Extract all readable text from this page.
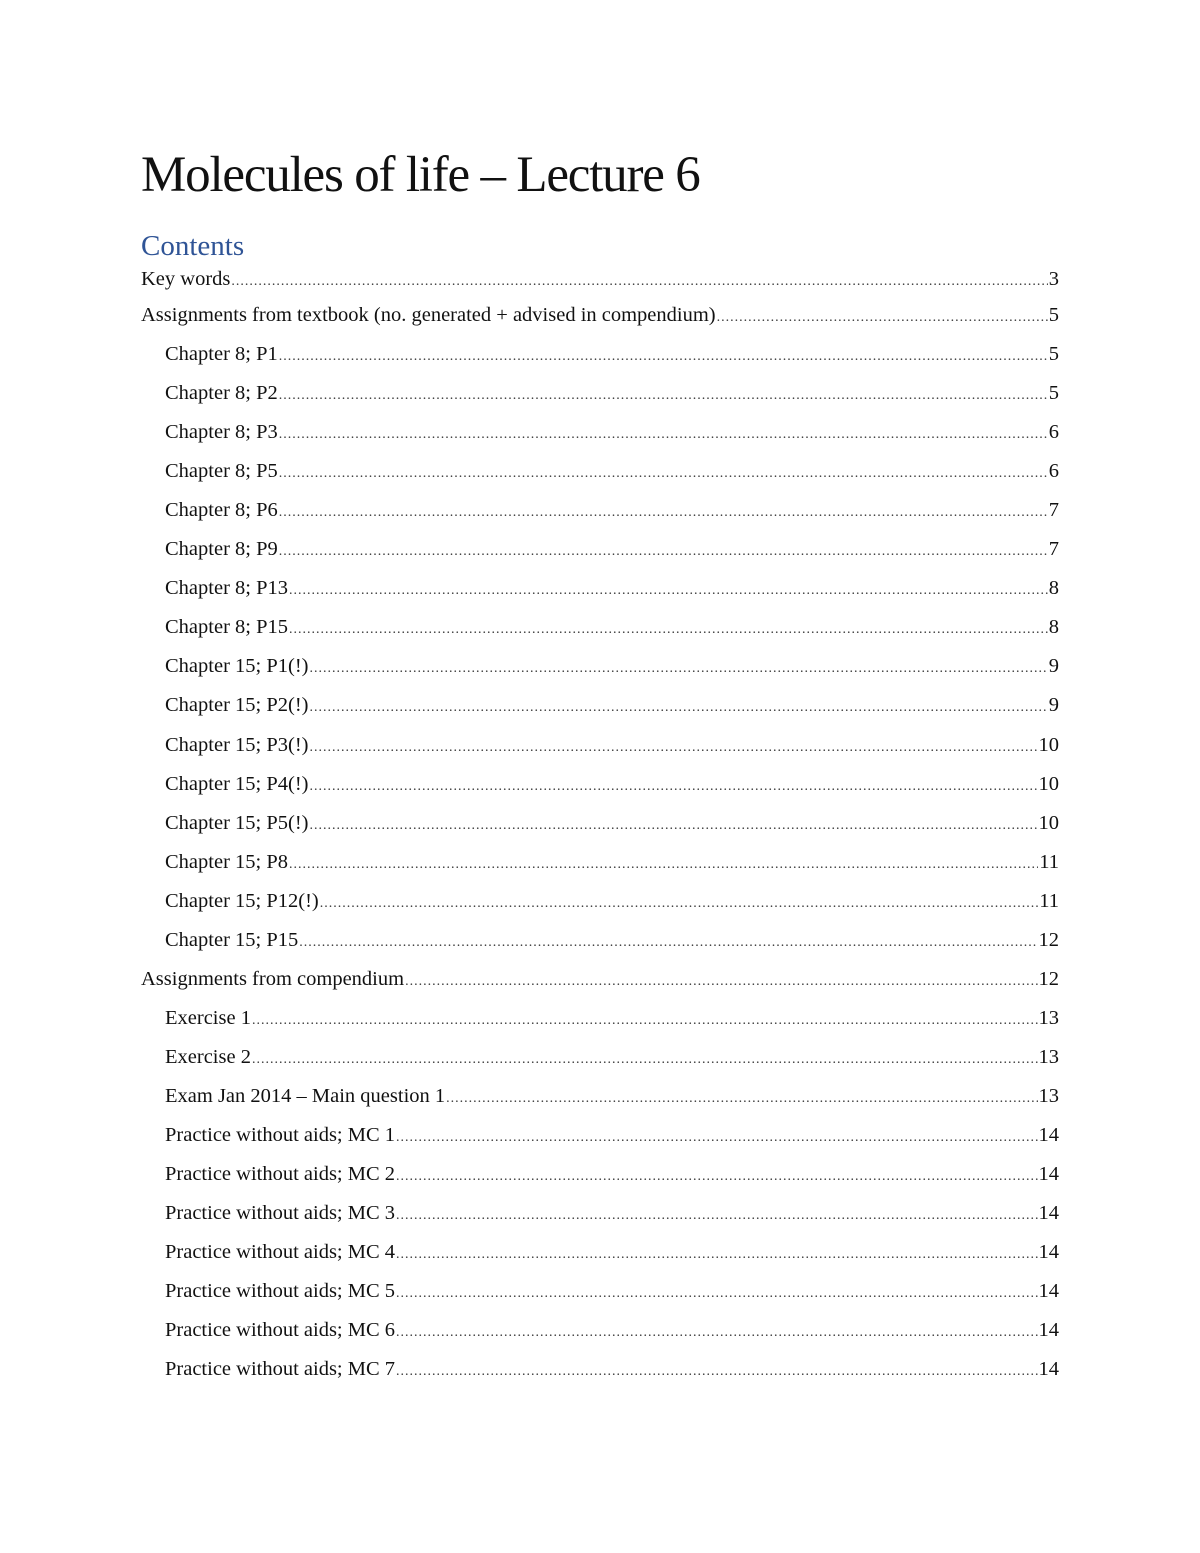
Molecules of life – Lecture 6
Contents
Key words .....	3
Assignments from textbook (no. generated + advised in compendium) .....	5
Chapter 8; P1 .....	5
Chapter 8; P2 .....	5
Chapter 8; P3 .....	6
Chapter 8; P5 .....	6
Chapter 8; P6 .....	7
Chapter 8; P9 .....	7
Chapter 8; P13 .....	8
Chapter 8; P15 .....	8
Chapter 15; P1(!) .....	9
Chapter 15; P2(!) .....	9
Chapter 15; P3(!) .....	10
Chapter 15; P4(!) .....	10
Chapter 15; P5(!) .....	10
Chapter 15; P8 .....	11
Chapter 15; P12(!) .....	11
Chapter 15; P15 .....	12
Assignments from compendium .....	12
Exercise 1 .....	13
Exercise 2 .....	13
Exam Jan 2014 – Main question 1 .....	13
Practice without aids; MC 1 .....	14
Practice without aids; MC 2 .....	14
Practice without aids; MC 3 .....	14
Practice without aids; MC 4 .....	14
Practice without aids; MC 5 .....	14
Practice without aids; MC 6 .....	14
Practice without aids; MC 7 .....	14
